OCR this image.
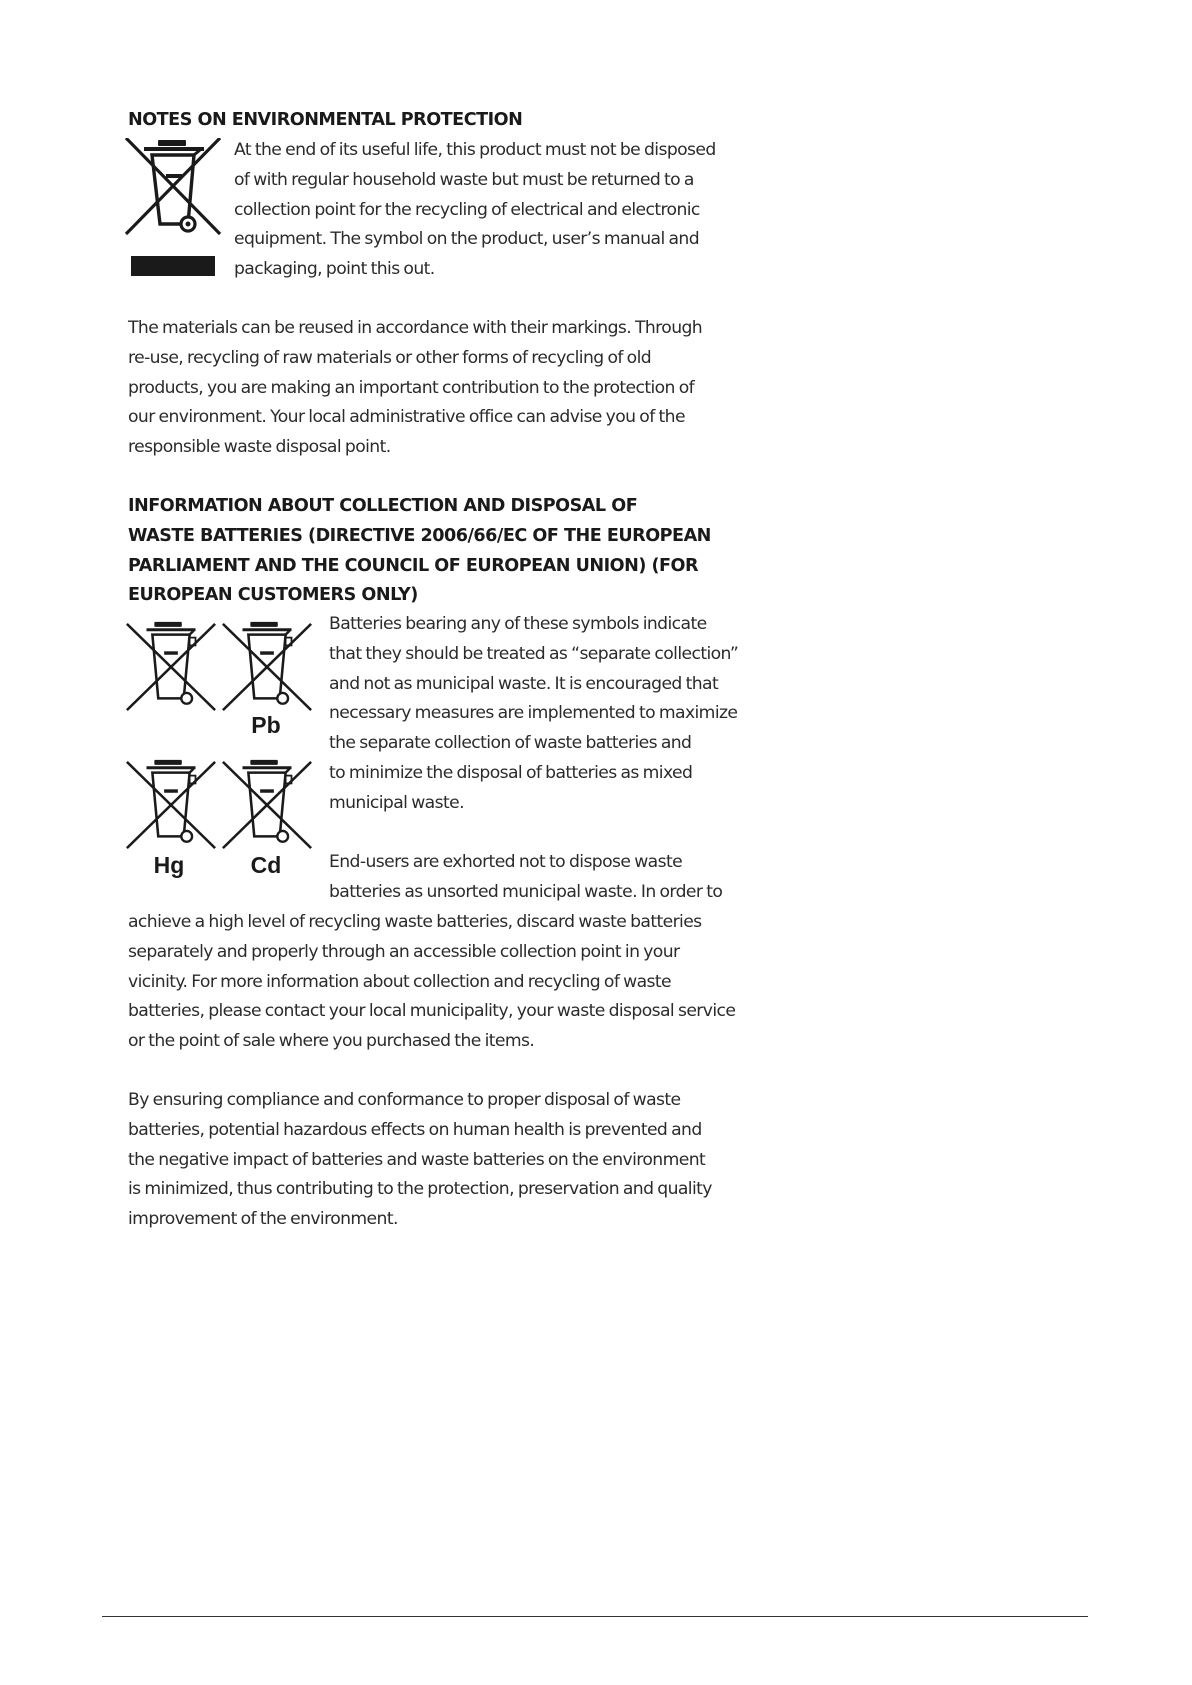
NOTES ON ENVIRONMENTAL PROTECTION
At the end of its useful life, this product must not be disposed
of with regular household waste but must be returned to a
collection point for the recycling of electrical and electronic
equipment. The symbol on the product, user’s manual and
packaging, point this out.
The materials can be reused in accordance with their markings. Through
re-use, recycling of raw materials or other forms of recycling of old
products, you are making an important contribution to the protection of
our environment. Your local administrative office can advise you of the
responsible waste disposal point.
INFORMATION ABOUT COLLECTION AND DISPOSAL OF
WASTE BATTERIES (DIRECTIVE 2006/66/EC OF THE EUROPEAN
PARLIAMENT AND THE COUNCIL OF EUROPEAN UNION) (FOR
EUROPEAN CUSTOMERS ONLY)
Pb
Hg	Cd
Batteries bearing any of these symbols indicate
that they should be treated as “separate collection”
and not as municipal waste. It is encouraged that
necessary measures are implemented to maximize
the separate collection of waste batteries and
to minimize the disposal of batteries as mixed
municipal waste.
End-users are exhorted not to dispose waste
batteries as unsorted municipal waste. In order to
achieve a high level of recycling waste batteries, discard waste batteries
separately and properly through an accessible collection point in your
vicinity. For more information about collection and recycling of waste
batteries, please contact your local municipality, your waste disposal service
or the point of sale where you purchased the items.
By ensuring compliance and conformance to proper disposal of waste
batteries, potential hazardous effects on human health is prevented and
the negative impact of batteries and waste batteries on the environment
is minimized, thus contributing to the protection, preservation and quality
improvement of the environment.
